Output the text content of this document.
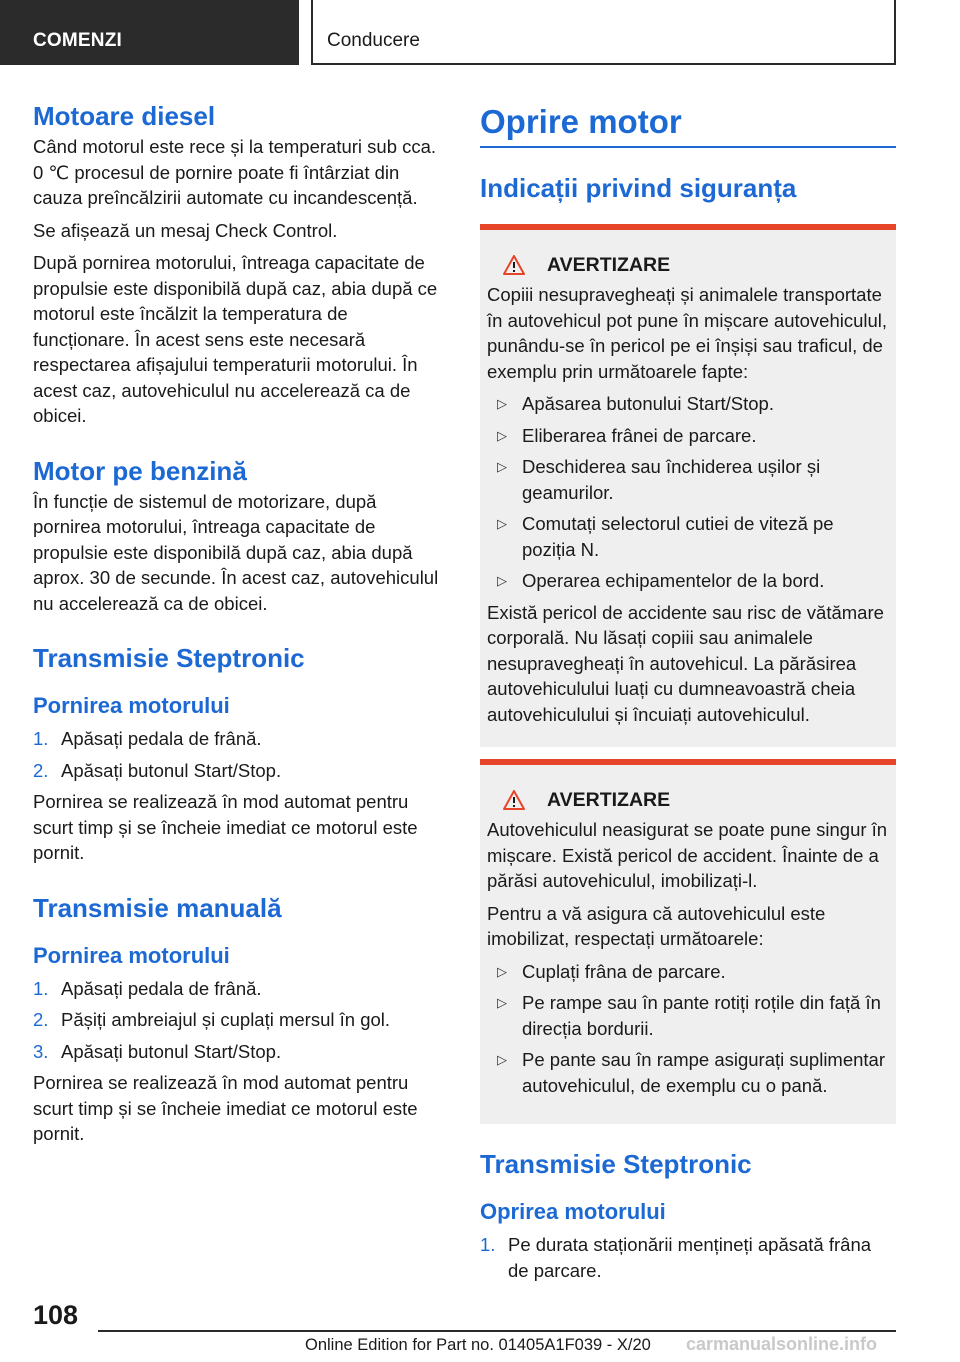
COMENZI	Conducere
Motoare diesel

Când motorul este rece și la temperaturi sub cca. 0 ℃ procesul de pornire poate fi întârziat din cauza preîncălzirii automate cu incandescență.

Se afișează un mesaj Check Control.

După pornirea motorului, întreaga capacitate de propulsie este disponibilă după caz, abia după ce motorul este încălzit la temperatura de funcționare. În acest sens este necesară respectarea afișajului temperaturii motorului. În acest caz, autovehiculul nu accelerează ca de obicei.

Motor pe benzină

În funcție de sistemul de motorizare, după pornirea motorului, întreaga capacitate de propulsie este disponibilă după caz, abia după aprox. 30 de secunde. În acest caz, autovehiculul nu accelerează ca de obicei.

Transmisie Steptronic
Pornirea motorului
1. Apăsați pedala de frână.
2. Apăsați butonul Start/Stop.

Pornirea se realizează în mod automat pentru scurt timp și se încheie imediat ce motorul este pornit.

Transmisie manuală
Pornirea motorului
1. Apăsați pedala de frână.
2. Pășiți ambreiajul și cuplați mersul în gol.
3. Apăsați butonul Start/Stop.

Pornirea se realizează în mod automat pentru scurt timp și se încheie imediat ce motorul este pornit.

Oprire motor
Indicații privind siguranța
AVERTIZARE

Copiii nesupravegheați și animalele transportate în autovehicul pot pune în mișcare autovehiculul, punându-se în pericol pe ei înșiși sau traficul, de exemplu prin următoarele fapte:

▷ Apăsarea butonului Start/Stop.
▷ Eliberarea frânei de parcare.
▷ Deschiderea sau închiderea ușilor și geamurilor.
▷ Comutați selectorul cutiei de viteză pe poziția N.
▷ Operarea echipamentelor de la bord.

Există pericol de accidente sau risc de vătămare corporală. Nu lăsați copiii sau animalele nesupravegheați în autovehicul. La părăsirea autovehiculului luați cu dumneavoastră cheia autovehiculului și încuiați autovehiculul.

AVERTIZARE

Autovehiculul neasigurat se poate pune singur în mișcare. Există pericol de accident. Înainte de a părăsi autovehiculul, imobilizați-l.

Pentru a vă asigura că autovehiculul este imobilizat, respectați următoarele:

▷ Cuplați frâna de parcare.
▷ Pe rampe sau în pante rotiți roțile din față în direcția bordurii.
▷ Pe pante sau în rampe asigurați suplimentar autovehiculul, de exemplu cu o pană.
Transmisie Steptronic
Oprirea motorului
1. Pe durata staționării mențineți apăsată frâna de parcare.
108
Online Edition for Part no. 01405A1F039 - X/20 carmanualsonline.info
